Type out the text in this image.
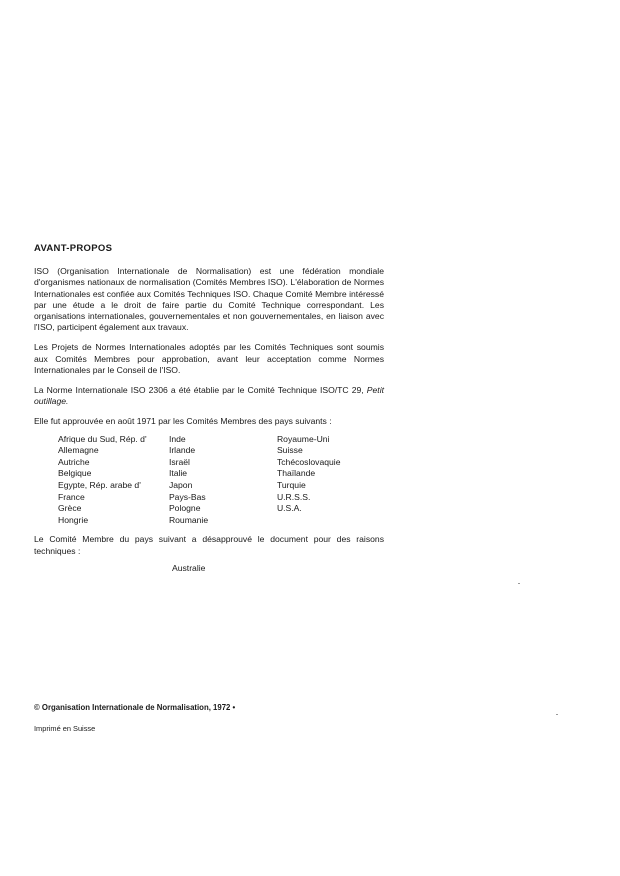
AVANT-PROPOS

ISO (Organisation Internationale de Normalisation) est une fédération mondiale d'organismes nationaux de normalisation (Comités Membres ISO). L'élaboration de Normes Internationales est confiée aux Comités Techniques ISO. Chaque Comité Membre intéressé par une étude a le droit de faire partie du Comité Technique correspondant. Les organisations internationales, gouvernementales et non gouvernementales, en liaison avec l'ISO, participent également aux travaux.

Les Projets de Normes Internationales adoptés par les Comités Techniques sont soumis aux Comités Membres pour approbation, avant leur acceptation comme Normes Internationales par le Conseil de l'ISO.

La Norme Internationale ISO 2306 a été établie par le Comité Technique ISO/TC 29, Petit outillage.

Elle fut approuvée en août 1971 par les Comités Membres des pays suivants :

Afrique du Sud, Rép. d'
Allemagne
Autriche
Belgique
Egypte, Rép. arabe d'
France
Grèce
Hongrie
Inde
Irlande
Israël
Italie
Japon
Pays-Bas
Pologne
Roumanie
Royaume-Uni
Suisse
Tchécoslovaquie
Thaïlande
Turquie
U.R.S.S.
U.S.A.

Le Comité Membre du pays suivant a désapprouvé le document pour des raisons techniques :

Australie

© Organisation Internationale de Normalisation, 1972 •

Imprimé en Suisse
